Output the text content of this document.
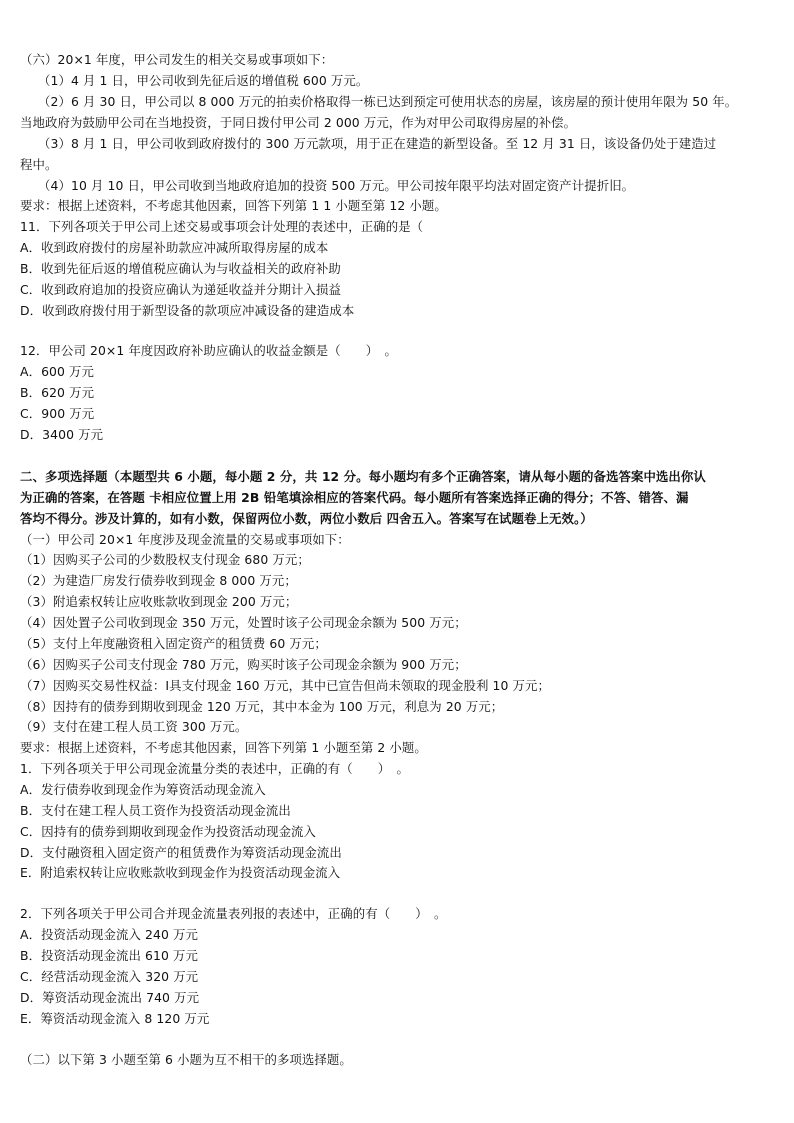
（六）20×1 年度，甲公司发生的相关交易或事项如下：
（1）4 月 1 日，甲公司收到先征后返的增值税 600 万元。
（2）6 月 30 日，甲公司以 8 000 万元的拍卖价格取得一栋已达到预定可使用状态的房屋，该房屋的预计使用年限为 50 年。
当地政府为鼓励甲公司在当地投资，于同日拨付甲公司 2 000 万元，作为对甲公司取得房屋的补偿。
（3）8 月 1 日，甲公司收到政府拨付的 300 万元款项，用于正在建造的新型设备。至 12 月 31 日，该设备仍处于建造过
程中。
（4）10 月 10 日，甲公司收到当地政府追加的投资 500 万元。甲公司按年限平均法对固定资产计提折旧。
要求：根据上述资料，不考虑其他因素，回答下列第 1 1 小题至第 12 小题。
11．下列各项关于甲公司上述交易或事项会计处理的表述中，正确的是（
A．收到政府拨付的房屋补助款应冲减所取得房屋的成本
B．收到先征后返的增值税应确认为与收益相关的政府补助
C．收到政府追加的投资应确认为递延收益并分期计入损益
D．收到政府拨付用于新型设备的款项应冲减设备的建造成本
12．甲公司 20×1 年度因政府补助应确认的收益金额是（　　）　。
A．600 万元
B．620 万元
C．900 万元
D．3400 万元
二、多项选择题（本题型共 6 小题，每小题 2 分，共 12 分。每小题均有多个正确答案，请从每小题的备选答案中选出你认
为正确的答案，在答题 卡相应位置上用 2B 铅笔填涂相应的答案代码。每小题所有答案选择正确的得分；不答、错答、漏
答均不得分。涉及计算的，如有小数，保留两位小数，两位小数后 四舍五入。答案写在试题卷上无效。）
（一）甲公司 20×1 年度涉及现金流量的交易或事项如下：
（1）因购买子公司的少数股权支付现金 680 万元；
（2）为建造厂房发行债券收到现金 8 000 万元；
（3）附追索权转让应收账款收到现金 200 万元；
（4）因处置子公司收到现金 350 万元，处置时该子公司现金余额为 500 万元；
（5）支付上年度融资租入固定资产的租赁费 60 万元；
（6）因购买子公司支付现金 780 万元，购买时该子公司现金余额为 900 万元；
（7）因购买交易性权益：I具支付现金 160 万元，其中已宣告但尚未领取的现金股利 10 万元；
（8）因持有的债券到期收到现金 120 万元，其中本金为 100 万元，利息为 20 万元；
（9）支付在建工程人员工资 300 万元。
要求：根据上述资料，不考虑其他因素，回答下列第 1 小题至第 2 小题。
1．下列各项关于甲公司现金流量分类的表述中，正确的有（　　）　。
A．发行债券收到现金作为筹资活动现金流入
B．支付在建工程人员工资作为投资活动现金流出
C．因持有的债券到期收到现金作为投资活动现金流入
D．支付融资租入固定资产的租赁费作为筹资活动现金流出
E．附追索权转让应收账款收到现金作为投资活动现金流入
2．下列各项关于甲公司合并现金流量表列报的表述中，正确的有（　　）　。
A．投资活动现金流入 240 万元
B．投资活动现金流出 610 万元
C．经营活动现金流入 320 万元
D．筹资活动现金流出 740 万元
E．筹资活动现金流入 8 120 万元
（二）以下第 3 小题至第 6 小题为互不相干的多项选择题。
